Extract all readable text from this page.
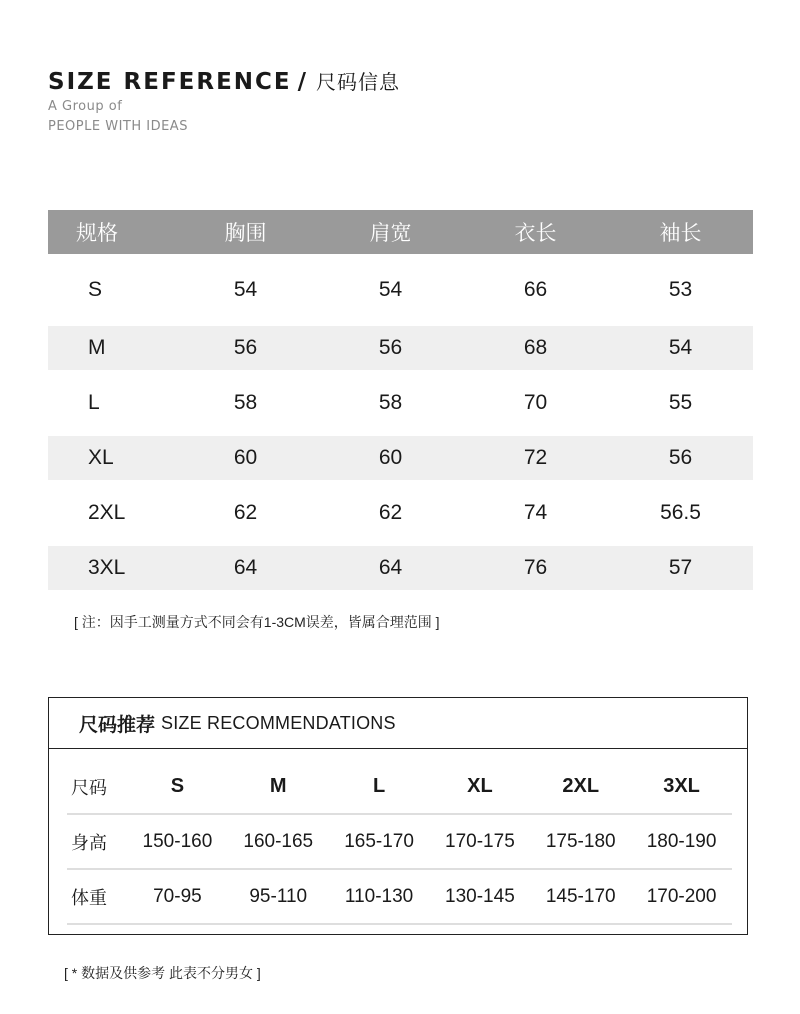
SIZE REFERENCE / 尺码信息
A Group of
PEOPLE WITH IDEAS
规格	胸围	肩宽	衣长	袖长
S	54	54	66	53
M	56	56	68	54
L	58	58	70	55
XL	60	60	72	56
2XL	62	62	74	56.5
3XL	64	64	76	57
[ 注：因手工测量方式不同会有1-3CM误差，皆属合理范围 ]
尺码推荐 SIZE RECOMMENDATIONS
尺码	S	M	L	XL	2XL	3XL
身高	150-160	160-165	165-170	170-175	175-180	180-190
体重	70-95	95-110	110-130	130-145	145-170	170-200
[ * 数据及供参考 此表不分男女 ]
